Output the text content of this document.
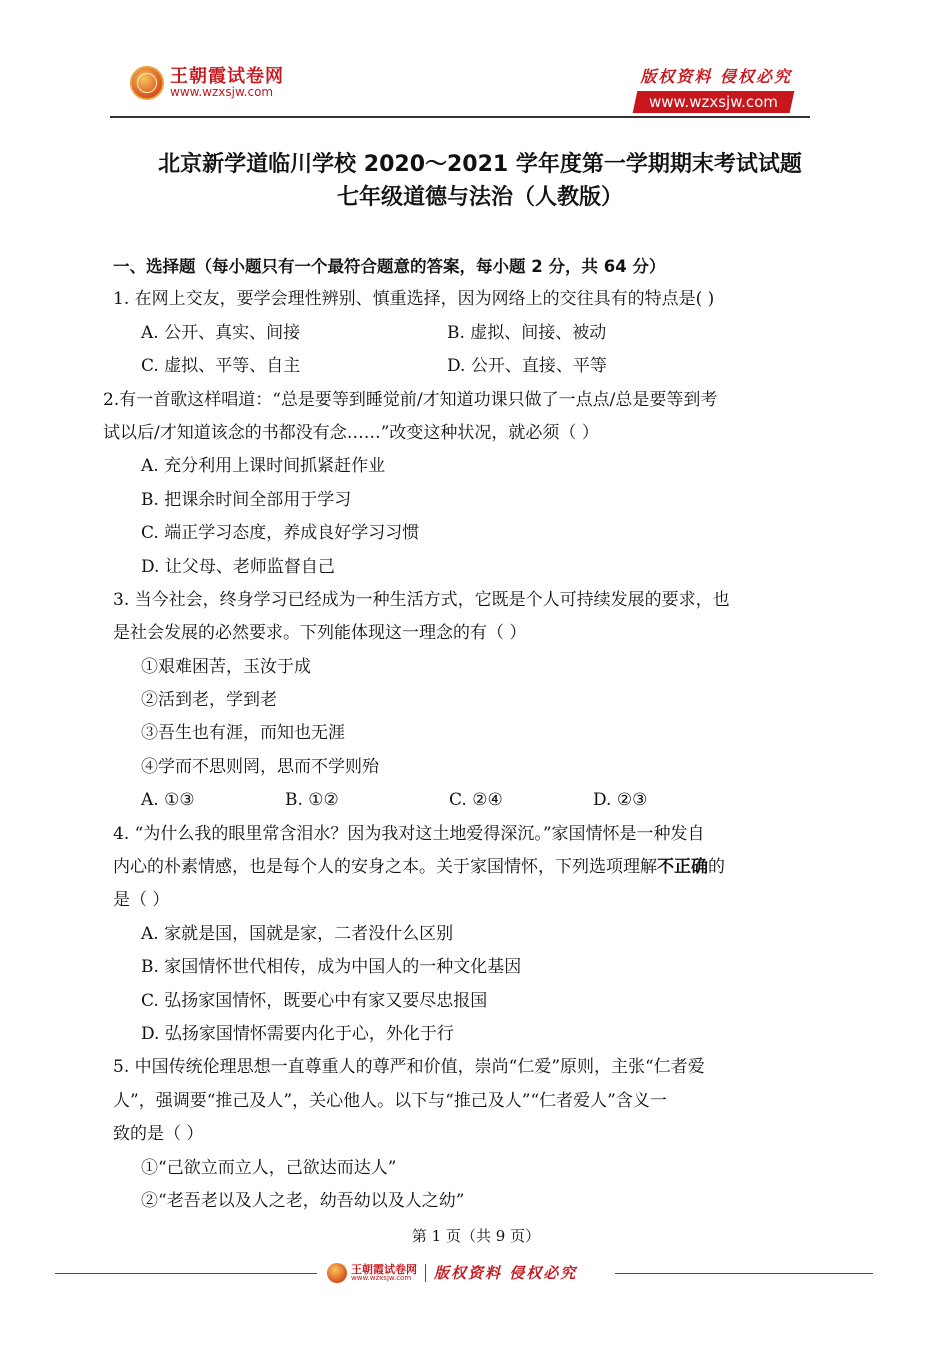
王朝霞试卷网
www.wzxsjw.com
版权资料 侵权必究
www.wzxsjw.com
北京新学道临川学校 2020～2021 学年度第一学期期末考试试题
七年级道德与法治（人教版）
一、选择题（每小题只有一个最符合题意的答案，每小题 2 分，共 64 分）
1. 在网上交友，要学会理性辨别、慎重选择，因为网络上的交往具有的特点是( )
A. 公开、真实、间接	B. 虚拟、间接、被动
C. 虚拟、平等、自主	D. 公开、直接、平等
2.有一首歌这样唱道：“总是要等到睡觉前/才知道功课只做了一点点/总是要等到考
试以后/才知道该念的书都没有念……”改变这种状况，就必须（ ）
A. 充分利用上课时间抓紧赶作业
B. 把课余时间全部用于学习
C. 端正学习态度，养成良好学习习惯
D. 让父母、老师监督自己
3. 当今社会，终身学习已经成为一种生活方式，它既是个人可持续发展的要求，也
是社会发展的必然要求。下列能体现这一理念的有（ ）
①艰难困苦，玉汝于成
②活到老，学到老
③吾生也有涯，而知也无涯
④学而不思则罔，思而不学则殆
A. ①③	B. ①②	C. ②④	D. ②③
4. “为什么我的眼里常含泪水？因为我对这土地爱得深沉。”家国情怀是一种发自
内心的朴素情感，也是每个人的安身之本。关于家国情怀，下列选项理解不正确的
是（ ）
A. 家就是国，国就是家，二者没什么区别
B. 家国情怀世代相传，成为中国人的一种文化基因
C. 弘扬家国情怀，既要心中有家又要尽忠报国
D. 弘扬家国情怀需要内化于心，外化于行
5. 中国传统伦理思想一直尊重人的尊严和价值，崇尚“仁爱”原则，主张“仁者爱
人”，强调要“推己及人”，关心他人。以下与“推己及人”“仁者爱人”含义一
致的是（ ）
①“己欲立而立人，己欲达而达人”
②“老吾老以及人之老，幼吾幼以及人之幼”
第 1 页（共 9 页）
王朝霞试卷网
www.wzxsjw.com	版权资料 侵权必究
